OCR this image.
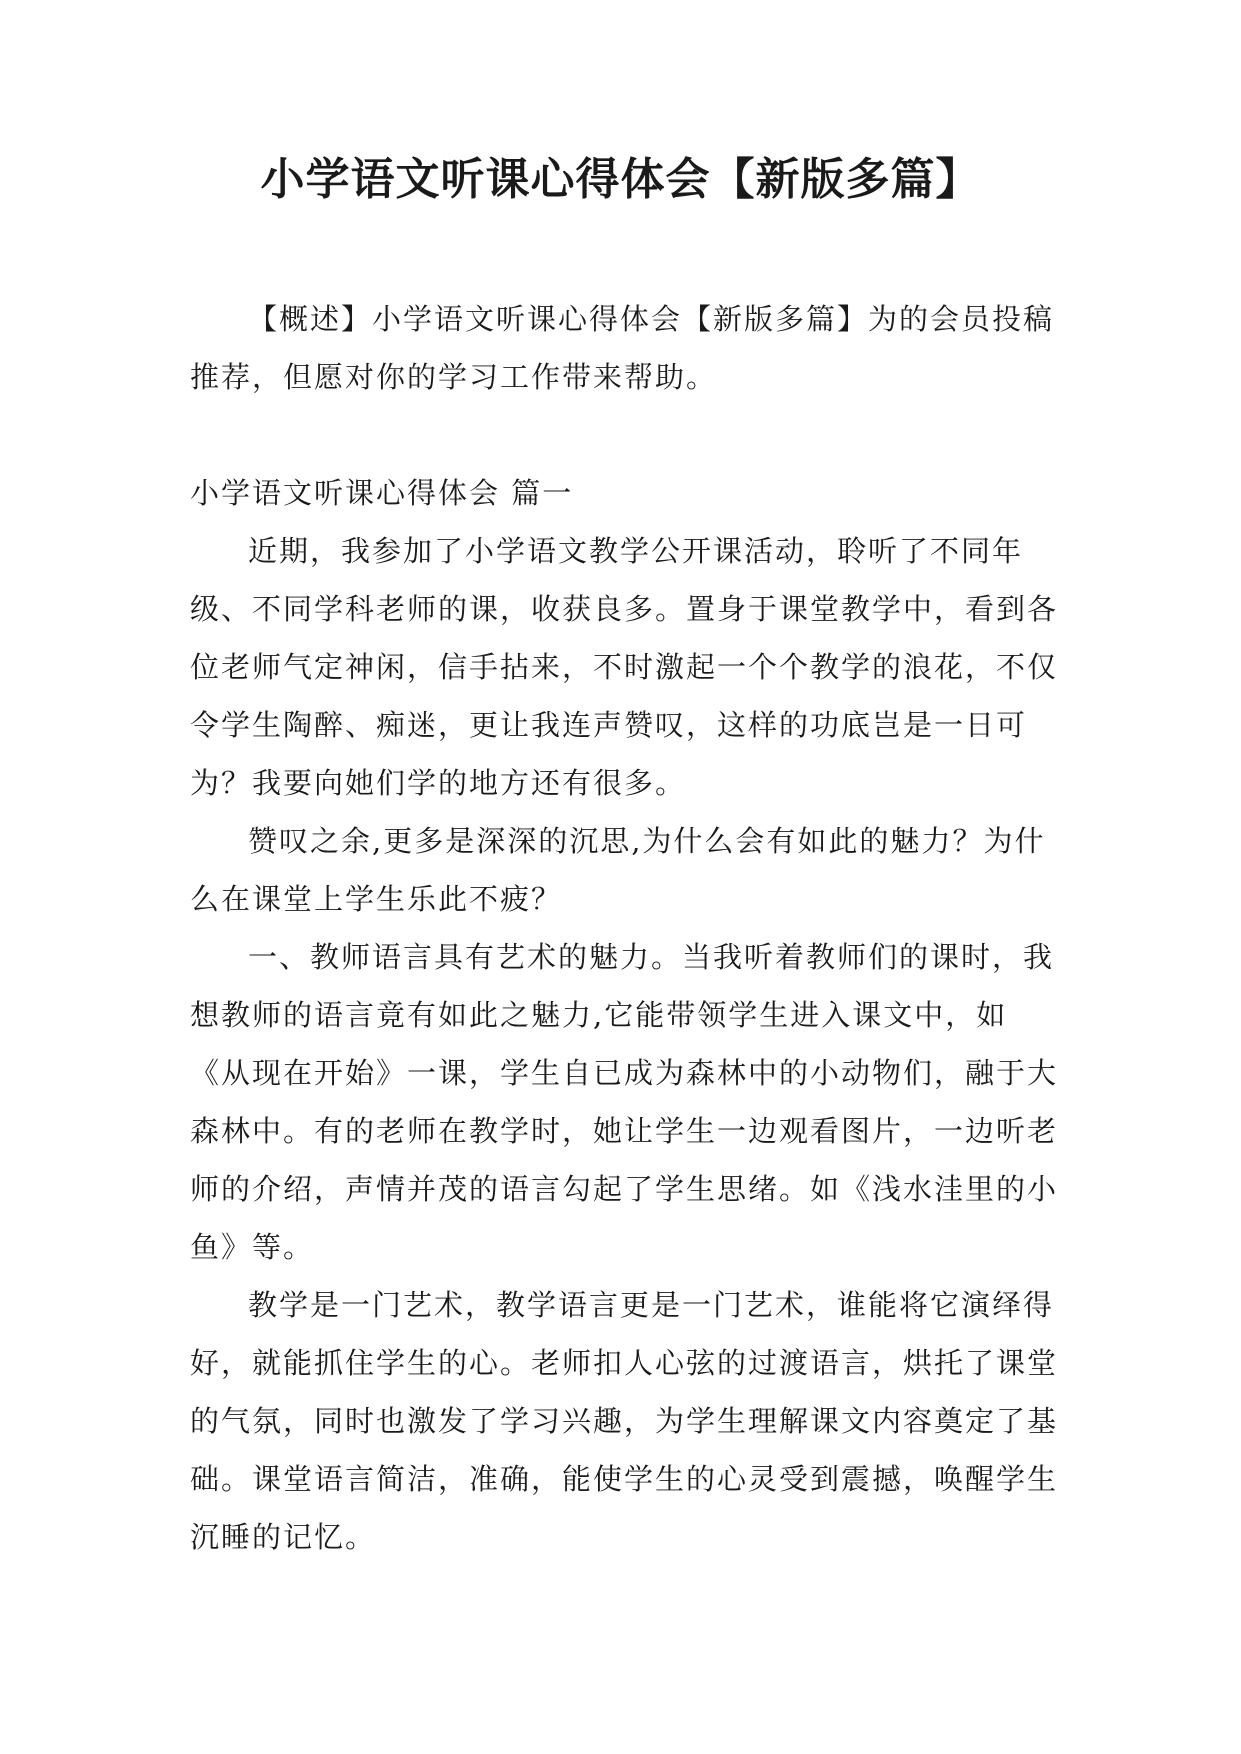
小学语文听课心得体会【新版多篇】

【概述】小学语文听课心得体会【新版多篇】为的会员投稿推荐，但愿对你的学习工作带来帮助。

小学语文听课心得体会 篇一

近期，我参加了小学语文教学公开课活动，聆听了不同年级、不同学科老师的课，收获良多。置身于课堂教学中，看到各位老师气定神闲，信手拈来，不时激起一个个教学的浪花，不仅令学生陶醉、痴迷，更让我连声赞叹，这样的功底岂是一日可为？我要向她们学的地方还有很多。

赞叹之余,更多是深深的沉思,为什么会有如此的魅力？为什么在课堂上学生乐此不疲？

一、教师语言具有艺术的魅力。当我听着教师们的课时，我想教师的语言竟有如此之魅力,它能带领学生进入课文中，如《从现在开始》一课，学生自已成为森林中的小动物们，融于大森林中。有的老师在教学时，她让学生一边观看图片，一边听老师的介绍，声情并茂的语言勾起了学生思绪。如《浅水洼里的小鱼》等。

教学是一门艺术，教学语言更是一门艺术，谁能将它演绎得好，就能抓住学生的心。老师扣人心弦的过渡语言，烘托了课堂的气氛，同时也激发了学习兴趣，为学生理解课文内容奠定了基础。课堂语言简洁，准确，能使学生的心灵受到震撼，唤醒学生沉睡的记忆。
